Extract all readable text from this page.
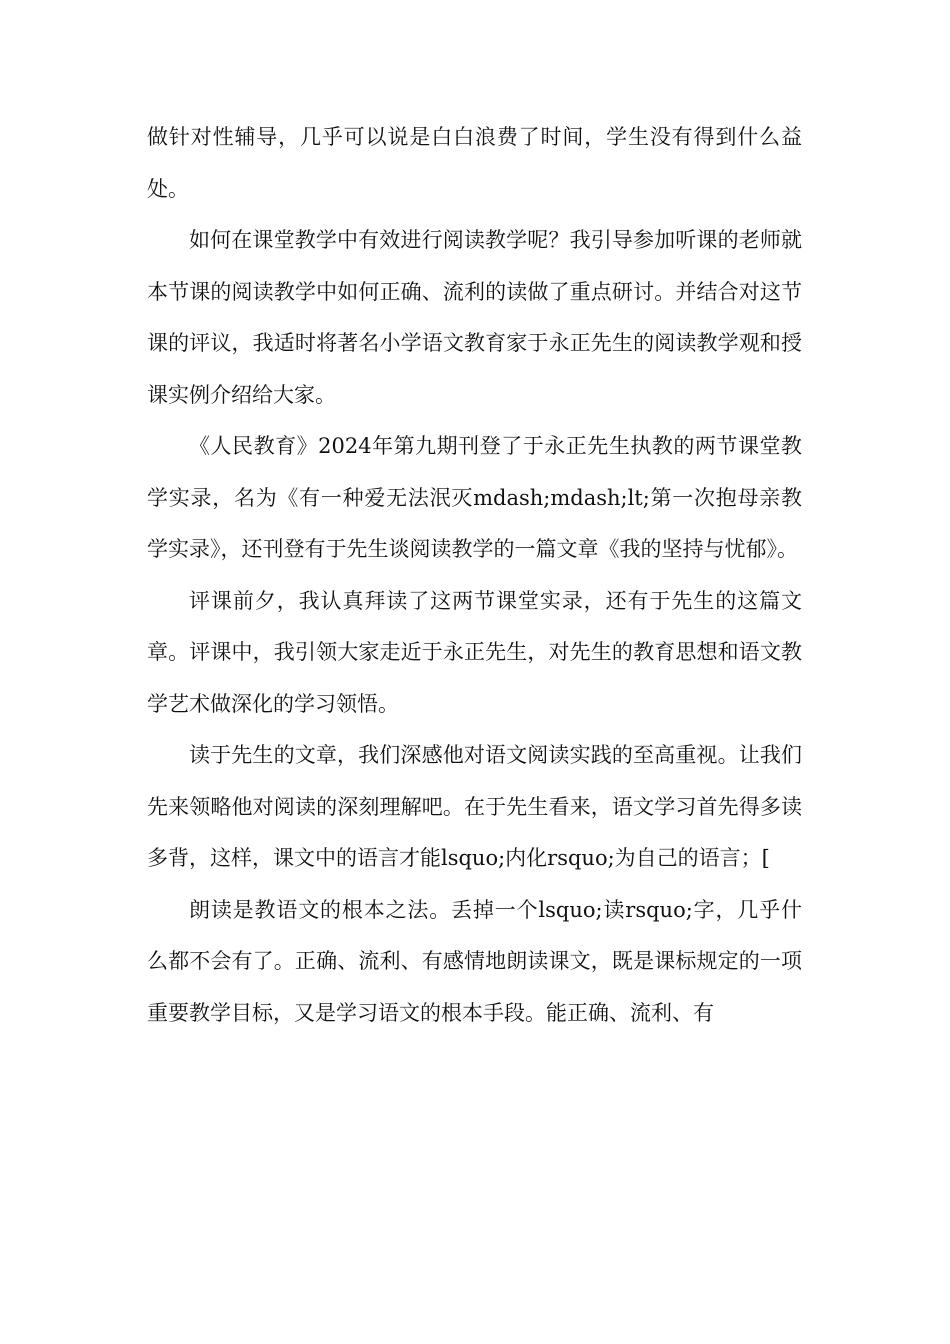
做针对性辅导，几乎可以说是白白浪费了时间，学生没有得到什么益处。

如何在课堂教学中有效进行阅读教学呢？我引导参加听课的老师就本节课的阅读教学中如何正确、流利的读做了重点研讨。并结合对这节课的评议，我适时将著名小学语文教育家于永正先生的阅读教学观和授课实例介绍给大家。

《人民教育》2024年第九期刊登了于永正先生执教的两节课堂教学实录，名为《有一种爱无法泯灭mdash;mdash;lt;第一次抱母亲教学实录》，还刊登有于先生谈阅读教学的一篇文章《我的坚持与忧郁》。

评课前夕，我认真拜读了这两节课堂实录，还有于先生的这篇文章。评课中，我引领大家走近于永正先生，对先生的教育思想和语文教学艺术做深化的学习领悟。

读于先生的文章，我们深感他对语文阅读实践的至高重视。让我们先来领略他对阅读的深刻理解吧。在于先生看来，语文学习首先得多读多背，这样，课文中的语言才能lsquo;内化rsquo;为自己的语言；[

朗读是教语文的根本之法。丢掉一个lsquo;读rsquo;字，几乎什么都不会有了。正确、流利、有感情地朗读课文，既是课标规定的一项重要教学目标，又是学习语文的根本手段。能正确、流利、有
